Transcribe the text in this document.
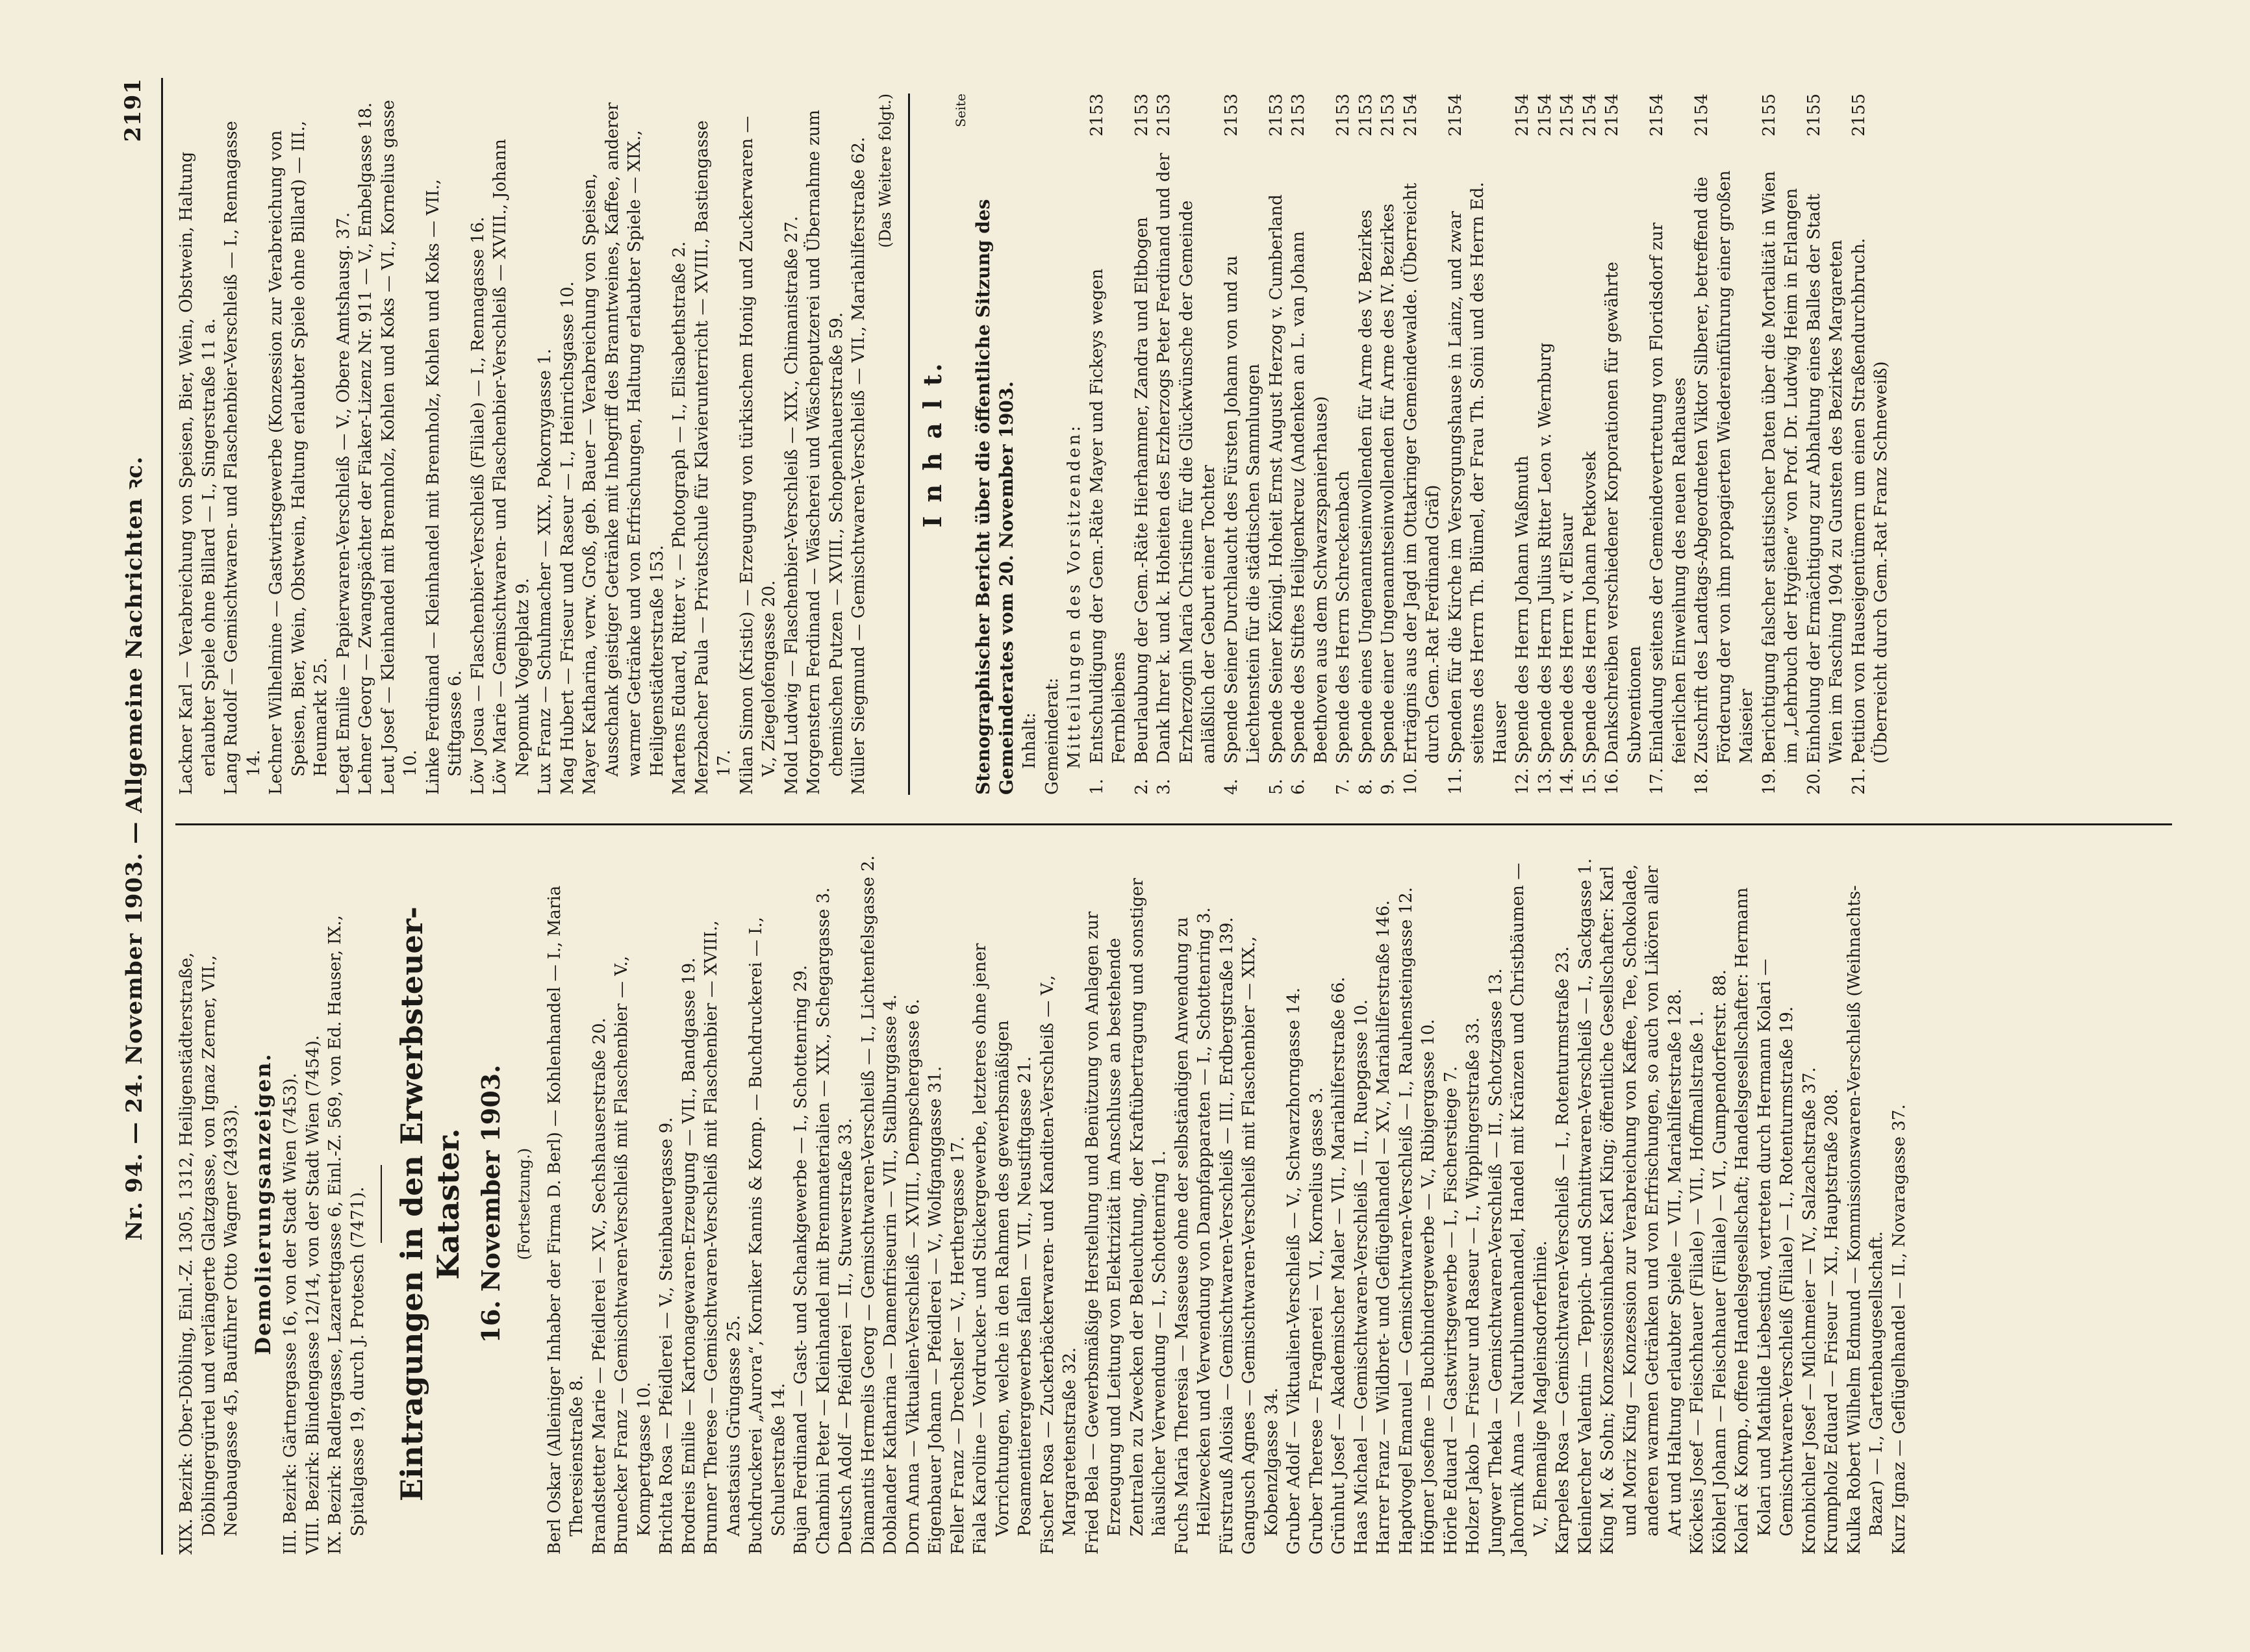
Nr. 94. — 24. November 1903. — Allgemeine Nachrichten ꝛc.
2191

XIX. Bezirk: Ober-Döbling, Einl.-Z. 1305, 1312, Heiligenstädterstraße, Döblingergürtel und verlängerte Glatzgasse, von Ignaz Zerner, VII., Neubaugasse 45, Bauführer Otto Wagner (24933). Demolierungsanzeigen. III. Bezirk: Gärtnergasse 16, von der Stadt Wien (7453). VIII. Bezirk: Blindengasse 12/14, von der Stadt Wien (7454). IX. Bezirk: Radlergasse, Lazarettgasse 6, Einl.-Z. 569, von Ed. Hauser, IX., Spitalgasse 19, durch J. Protesch (7471). Eintragungen in den Erwerbsteuer-Kataster. 16. November 1903. (Fortsetzung.) Berl Oskar (Alleiniger Inhaber der Firma D. Berl) — Kohlenhandel — I., Maria Theresienstraße 8. Brandstetter Marie — Pfeidlerei — XV., Sechshauserstraße 20. Brunecker Franz — Gemischtwaren-Verschleiß mit Flaschenbier — V., Kompertgasse 10. Brichta Rosa — Pfeidlerei — V., Steinbauergasse 9. Brodreis Emilie — Kartonagewaren-Erzeugung — VII., Bandgasse 19. Brunner Therese — Gemischtwaren-Verschleiß mit Flaschenbier — XVIII., Anastasius Grüngasse 25. Buchdruckerei „Aurora“, Korniker Kannis & Komp. — Buchdruckerei — I., Schulerstraße 14. Bujan Ferdinand — Gast- und Schankgewerbe — I., Schottenring 29. Chambini Peter — Kleinhandel mit Brennmaterialien — XIX., Schegargasse 3. Deutsch Adolf — Pfeidlerei — II., Stuwerstraße 33. Diamantis Hermelis Georg — Gemischtwaren-Verschleiß — I., Lichtenfelsgasse 2. Doblander Katharina — Damenfriseurin — VII., Stallburggasse 4. Dorn Anna — Viktualien-Verschleiß — XVIII., Dempschergasse 6. Eigenbauer Johann — Pfeidlerei — V., Wolfganggasse 31. Feller Franz — Drechsler — V., Herthergasse 17. Fiala Karoline — Vordrucker- und Stickergewerbe, letzteres ohne jener Vorrichtungen, welche in den Rahmen des gewerbsmäßigen Posamentierergewerbes fallen — VII., Neustiftgasse 21. Fischer Rosa — Zuckerbäckerwaren- und Kanditen-Verschleiß — V., Margaretenstraße 32. Fried Bela — Gewerbsmäßige Herstellung und Benützung von Anlagen zur Erzeugung und Leitung von Elektrizität im Anschlusse an bestehende Zentralen zu Zwecken der Beleuchtung, der Kraftübertragung und sonstiger häuslicher Verwendung — I., Schottenring 1. Fuchs Maria Theresia — Masseuse ohne der selbständigen Anwendung zu Heilzwecken und Verwendung von Dampfapparaten — I., Schottenring 3. Fürstrauß Aloisia — Gemischtwaren-Verschleiß — III., Erdbergstraße 139. Gangusch Agnes — Gemischtwaren-Verschleiß mit Flaschenbier — XIX., Kobenzlgasse 34. Gruber Adolf — Viktualien-Verschleiß — V., Schwarzhorngasse 14. Gruber Therese — Fragnerei — VI., Kornelius gasse 3. Grünhut Josef — Akademischer Maler — VII., Mariahilferstraße 66. Haas Michael — Gemischtwaren-Verschleiß — II., Ruepgasse 10. Harrer Franz — Wildbret- und Geflügelhandel — XV., Mariahilferstraße 146. Hapdvogel Emanuel — Gemischtwaren-Verschleiß — I., Rauhensteingasse 12. Högner Josefine — Buchbindergewerbe — V., Ribigergasse 10. Hörle Eduard — Gastwirtsgewerbe — I., Fischerstiege 7. Holzer Jakob — Friseur und Raseur — I., Wipplingerstraße 33. Jungwer Thekla — Gemischtwaren-Verschleiß — II., Schotzgasse 13. Jahornik Anna — Naturblumenhandel, Handel mit Kränzen und Christbäumen — V., Ehemalige Magleinsdorferlinie. Karpeles Rosa — Gemischtwaren-Verschleiß — I., Rotenturmstraße 23. Kleinlercher Valentin — Teppich- und Schnittwaren-Verschleiß — I., Sackgasse 1. King M. & Sohn; Konzessionsinhaber: Karl King; öffentliche Gesellschafter: Karl und Moriz King — Konzession zur Verabreichung von Kaffee, Tee, Schokolade, anderen warmen Getränken und von Erfrischungen, so auch von Likören aller Art und Haltung erlaubter Spiele — VII., Mariahilferstraße 128. Köckeis Josef — Fleischhauer (Filiale) — VII., Hoffmallstraße 1. Köblerl Johann — Fleischhauer (Filiale) — VI., Gumpendorferstr. 88. Kolari & Komp., offene Handelsgesellschaft; Handelsgesellschafter: Hermann Kolari und Mathilde Liebestind, vertreten durch Hermann Kolari — Gemischtwaren-Verschleiß (Filiale) — I., Rotenturmstraße 19. Kronbichler Josef — Milchmeier — IV., Salzachstraße 37. Krumpholz Eduard — Friseur — XI., Hauptstraße 208. Kulka Robert Wilhelm Edmund — Kommissionswaren-Verschleiß (Weihnachts-Bazar) — I., Gartenbaugesellschaft. Kurz Ignaz — Geflügelhandel — II., Novaragasse 37.

Lackner Karl — Verabreichung von Speisen, Bier, Wein, Obstwein, Haltung erlaubter Spiele ohne Billard — I., Singerstraße 11 a. Lang Rudolf — Gemischtwaren- und Flaschenbier-Verschleiß — I., Rennagasse 14. Lechner Wilhelmine — Gastwirtsgewerbe (Konzession zur Verabreichung von Speisen, Bier, Wein, Obstwein, Haltung erlaubter Spiele ohne Billard) — III., Heumarkt 25. Legat Emilie — Papierwaren-Verschleiß — V., Obere Amtshausg. 37. Lehner Georg — Zwangspächter der Fiaker-Lizenz Nr. 911 — V., Embelgasse 18. Leut Josef — Kleinhandel mit Brennholz, Kohlen und Koks — VI., Kornelius gasse 10. Linke Ferdinand — Kleinhandel mit Brennholz, Kohlen und Koks — VII., Stiftgasse 6. Löw Josua — Flaschenbier-Verschleiß (Filiale) — I., Rennagasse 16. Löw Marie — Gemischtwaren- und Flaschenbier-Verschleiß — XVIII., Johann Nepomuk Vogelplatz 9. Lux Franz — Schuhmacher — XIX., Pokornygasse 1. Mag Hubert — Friseur und Raseur — I., Heinrichsgasse 10. Mayer Katharina, verw. Groß, geb. Bauer — Verabreichung von Speisen, Ausschank geistiger Getränke mit Inbegriff des Branntweines, Kaffee, anderer warmer Getränke und von Erfrischungen, Haltung erlaubter Spiele — XIX., Heiligenstädterstraße 153. Martens Eduard, Ritter v. — Photograph — I., Elisabethstraße 2. Merzbacher Paula — Privatschule für Klavierunterricht — XVIII., Bastiengasse 17. Milan Simon (Kristic) — Erzeugung von türkischem Honig und Zuckerwaren — V., Ziegelofengasse 20. Mold Ludwig — Flaschenbier-Verschleiß — XIX., Chimanistraße 27. Morgenstern Ferdinand — Wäscherei und Wäscheputzerei und Übernahme zum chemischen Putzen — XVIII., Schopenhauerstraße 59. Müller Siegmund — Gemischtwaren-Verschleiß — VII., Mariahilferstraße 62. (Das Weitere folgt.)
I n h a l t.
Seite
Stenographischer Bericht über die öffentliche Sitzung des Gemeinderates vom 20. November 1903. Inhalt: Gemeinderat: Mitteilungen des Vorsitzenden:
1.
Entschuldigung der Gem.-Räte Mayer und Fickeys wegen Fernbleibens
2153
2.
Beurlaubung der Gem.-Räte Hierhammer, Zandra und Eltbogen
2153
3.
Dank Ihrer k. und k. Hoheiten des Erzherzogs Peter Ferdinand und der Erzherzogin Maria Christine für die Glückwünsche der Gemeinde anläßlich der Geburt einer Tochter
2153
4.
Spende Seiner Durchlaucht des Fürsten Johann von und zu Liechtenstein für die städtischen Sammlungen
2153
5.
Spende Seiner Königl. Hoheit Ernst August Herzog v. Cumberland
2153
6.
Spende des Stiftes Heiligenkreuz (Andenken an L. van Johann Beethoven aus dem Schwarzspanierhause)
2153
7.
Spende des Herrn Schreckenbach
2153
8.
Spende eines Ungenanntseinwollenden für Arme des V. Bezirkes
2153
9.
Spende einer Ungenanntseinwollenden für Arme des IV. Bezirkes
2153
10.
Erträgnis aus der Jagd im Ottakringer Gemeindewalde. (Überreicht durch Gem.-Rat Ferdinand Gräf)
2154
11.
Spenden für die Kirche im Versorgungshause in Lainz, und zwar seitens des Herrn Th. Blümel, der Frau Th. Soini und des Herrn Ed. Hauser
2154
12.
Spende des Herrn Johann Waßmuth
2154
13.
Spende des Herrn Julius Ritter Leon v. Wernburg
2154
14.
Spende des Herrn v. d'Elsaur
2154
15.
Spende des Herrn Johann Petkovsek
2154
16.
Dankschreiben verschiedener Korporationen für gewährte Subventionen
2154
17.
Einladung seitens der Gemeindevertretung von Floridsdorf zur feierlichen Einweihung des neuen Rathauses
2154
18.
Zuschrift des Landtags-Abgeordneten Viktor Silberer, betreffend die Förderung der von ihm propagierten Wiedereinführung einer großen Maiseier
2154
19.
Berichtigung falscher statistischer Daten über die Mortalität in Wien im „Lehrbuch der Hygiene“ von Prof. Dr. Ludwig Heim in Erlangen
2155
20.
Einholung der Ermächtigung zur Abhaltung eines Balles der Stadt Wien im Fasching 1904 zu Gunsten des Bezirkes Margareten
2155
21.
Petition von Hauseigentümern um einen Straßendurchbruch. (Überreicht durch Gem.-Rat Franz Schneweiß)
2155
